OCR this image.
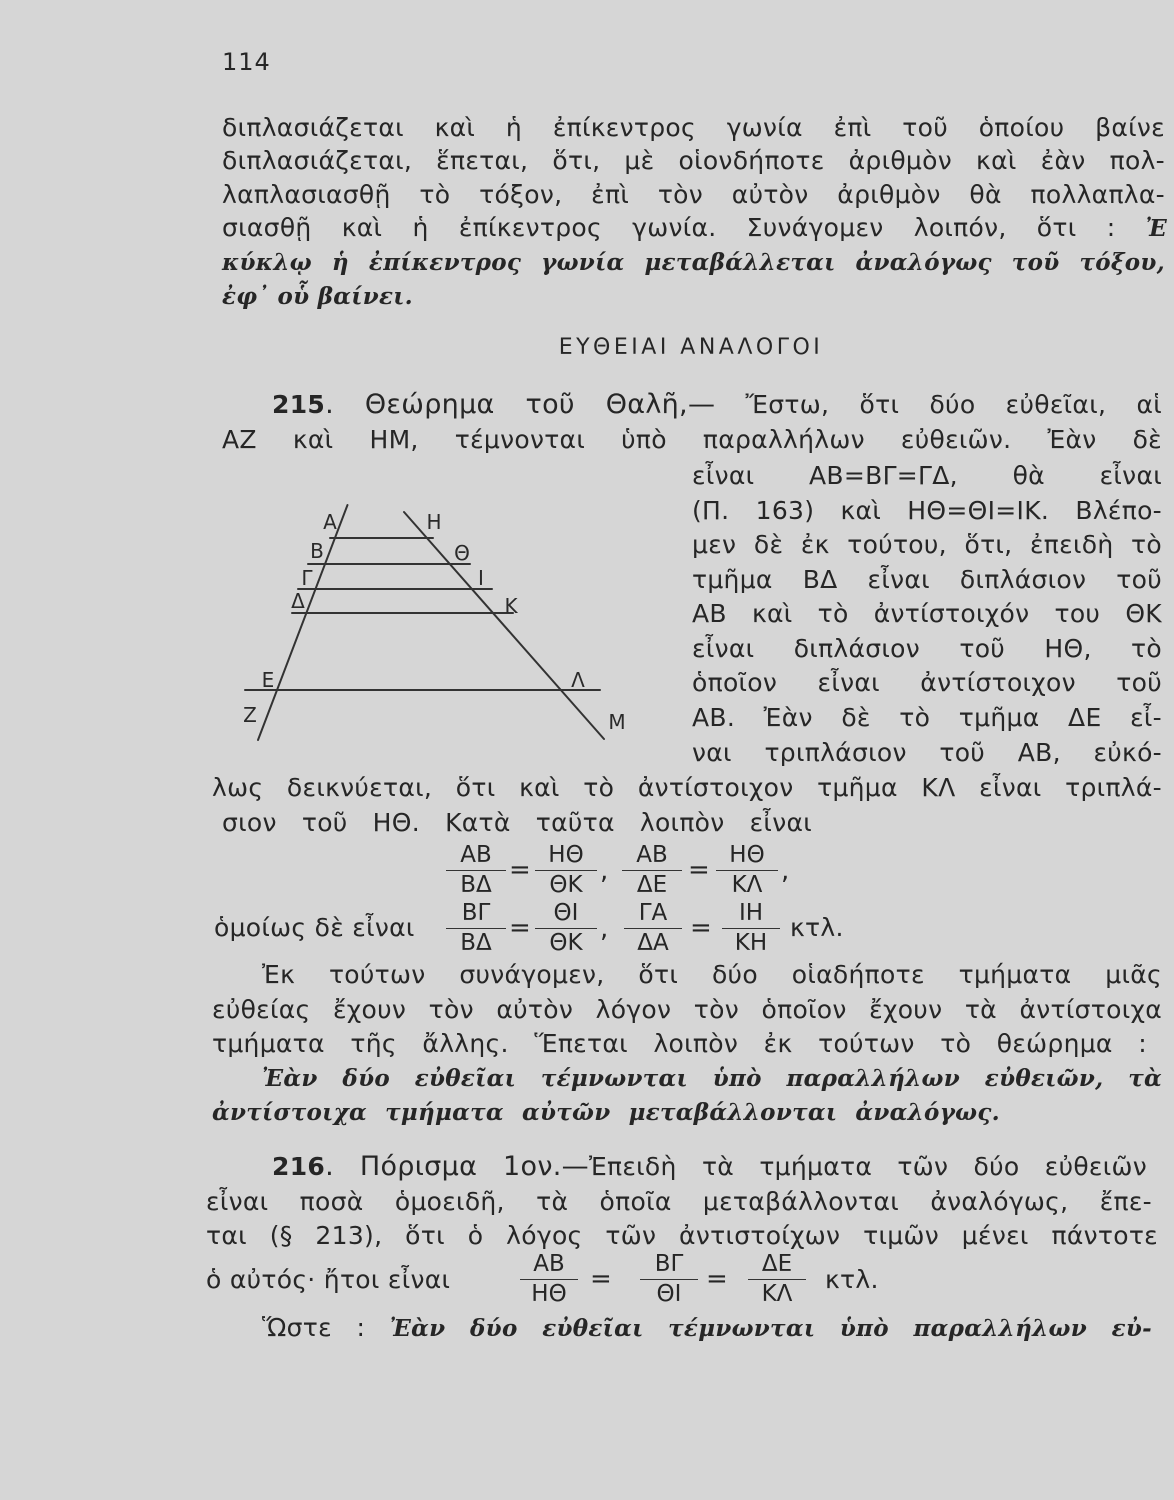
114
διπλασιάζεται καὶ ἡ ἐπίκεντρος γωνία ἐπὶ τοῦ ὁποίου βαίνε
διπλασιάζεται, ἕπεται, ὅτι, μὲ οἱονδήποτε ἀριθμὸν καὶ ἐὰν πολ-
λαπλασιασθῇ τὸ τόξον, ἐπὶ τὸν αὐτὸν ἀριθμὸν θὰ πολλαπλα-
σιασθῇ καὶ ἡ ἐπίκεντρος γωνία. Συνάγομεν λοιπόν, ὅτι : Ἐ
κύκλῳ ἡ ἐπίκεντρος γωνία μεταβάλλεται ἀναλόγως τοῦ τόξου,
ἐφ᾽ οὗ βαίνει.
ΕΥΘΕΙΑΙ ΑΝΑΛΟΓΟΙ
215. Θεώρημα τοῦ Θαλῆ,— Ἔστω, ὅτι δύο εὐθεῖαι, αἱ
ΑΖ καὶ ΗΜ, τέμνονται ὑπὸ παραλλήλων εὐθειῶν. Ἐὰν δὲ
εἶναι ΑΒ=ΒΓ=ΓΔ, θὰ εἶναι
(Π. 163) καὶ ΗΘ=ΘΙ=ΙΚ. Βλέπο-
μεν δὲ ἐκ τούτου, ὅτι, ἐπειδὴ τὸ
τμῆμα ΒΔ εἶναι διπλάσιον τοῦ
ΑΒ καὶ τὸ ἀντίστοιχόν του ΘΚ
εἶναι διπλάσιον τοῦ ΗΘ, τὸ
ὁποῖον εἶναι ἀντίστοιχον τοῦ
ΑΒ. Ἐὰν δὲ τὸ τμῆμα ΔΕ εἶ-
ναι τριπλάσιον τοῦ ΑΒ, εὐκό-
λως δεικνύεται, ὅτι καὶ τὸ ἀντίστοιχον τμῆμα ΚΛ εἶναι τριπλά-
σιον τοῦ ΗΘ. Κατὰ ταῦτα λοιπὸν εἶναι
Α
Β
Γ
Δ
Ε
Ζ
Η
Θ
Ι
Κ
Λ
Μ
$\frac{AB}{B\Delta} = \frac{H\Theta}{\Theta K}$ , $\frac{AB}{\Delta E} = \frac{H\Theta}{K\Lambda}$ ,
ὁμοίως δὲ εἶναι	$\frac{B\Gamma}{B\Delta} = \frac{\Theta I}{\Theta K}$ , $\frac{\Gamma A}{\Delta A} = \frac{IH}{KH} \kappa\tau\lambda$.
Ἐκ τούτων συνάγομεν, ὅτι δύο οἱαδήποτε τμήματα μιᾶς
εὐθείας ἔχουν τὸν αὐτὸν λόγον τὸν ὁποῖον ἔχουν τὰ ἀντίστοιχα
τμήματα τῆς ἄλλης. Ἕπεται λοιπὸν ἐκ τούτων τὸ θεώρημα :
Ἐὰν δύο εὐθεῖαι τέμνωνται ὑπὸ παραλλήλων εὐθειῶν, τὰ
ἀντίστοιχα τμήματα αὐτῶν μεταβάλλονται ἀναλόγως.
216. Πόρισμα 1ον.—Ἐπειδὴ τὰ τμήματα τῶν δύο εὐθειῶν
εἶναι ποσὰ ὁμοειδῆ, τὰ ὁποῖα μεταβάλλονται ἀναλόγως, ἔπε-
ται (§ 213), ὅτι ὁ λόγος τῶν ἀντιστοίχων τιμῶν μένει πάντοτε
ὁ αὐτός· ἤτοι εἶναι	$\frac{AB}{H\Theta} = \frac{B\Gamma}{\Theta I} = \frac{\Delta E}{K\Lambda} \kappa\tau\lambda$.
Ὥστε : Ἐὰν δύο εὐθεῖαι τέμνωνται ὑπὸ παραλλήλων εὐ-
